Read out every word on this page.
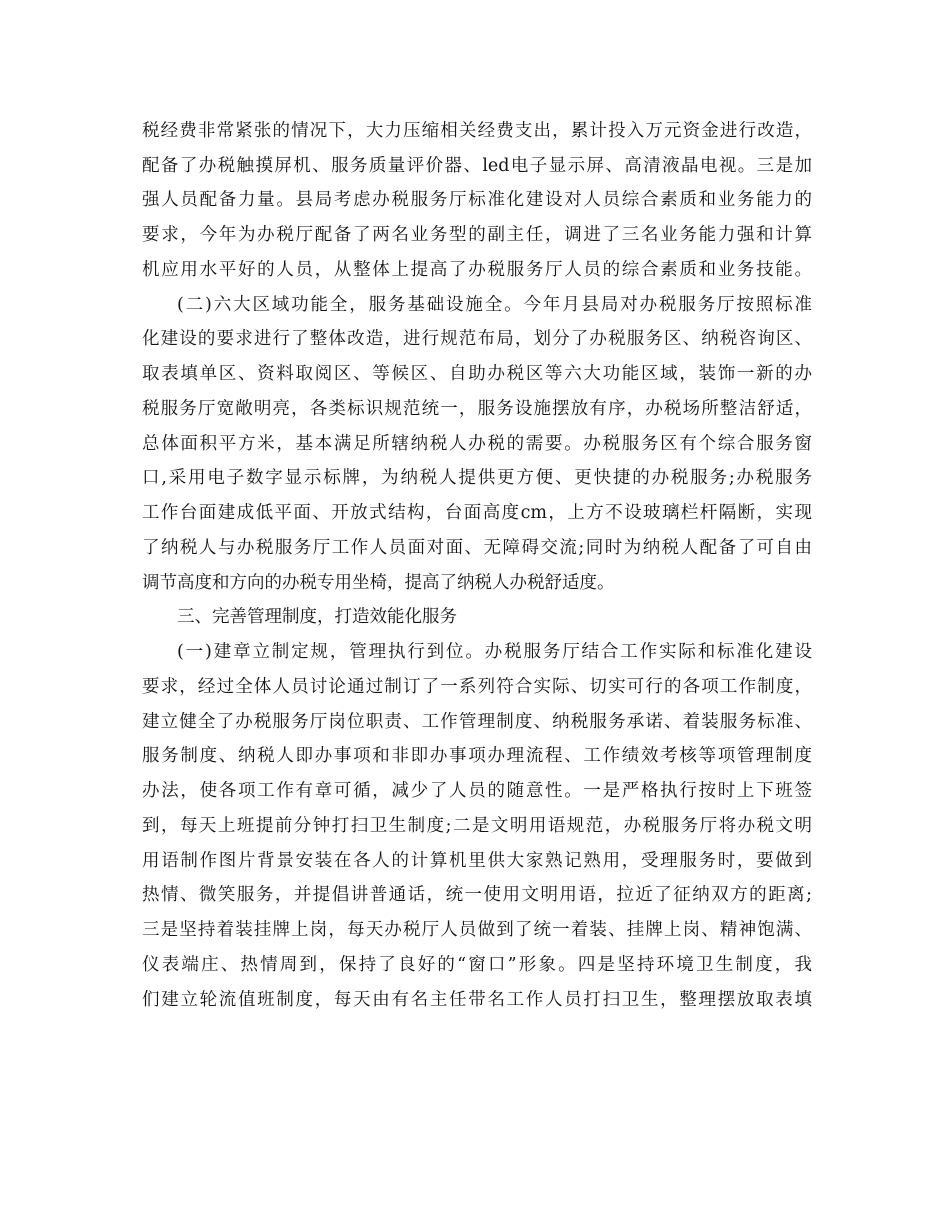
税经费非常紧张的情况下，大力压缩相关经费支出，累计投入万元资金进行改造，
配备了办税触摸屏机、服务质量评价器、led电子显示屏、高清液晶电视。三是加
强人员配备力量。县局考虑办税服务厅标准化建设对人员综合素质和业务能力的
要求，今年为办税厅配备了两名业务型的副主任，调进了三名业务能力强和计算
机应用水平好的人员，从整体上提高了办税服务厅人员的综合素质和业务技能。
(二)六大区域功能全，服务基础设施全。今年月县局对办税服务厅按照标准
化建设的要求进行了整体改造，进行规范布局，划分了办税服务区、纳税咨询区、
取表填单区、资料取阅区、等候区、自助办税区等六大功能区域，装饰一新的办
税服务厅宽敞明亮，各类标识规范统一，服务设施摆放有序，办税场所整洁舒适，
总体面积平方米，基本满足所辖纳税人办税的需要。办税服务区有个综合服务窗
口,采用电子数字显示标牌，为纳税人提供更方便、更快捷的办税服务;办税服务
工作台面建成低平面、开放式结构，台面高度cm，上方不设玻璃栏杆隔断，实现
了纳税人与办税服务厅工作人员面对面、无障碍交流;同时为纳税人配备了可自由
调节高度和方向的办税专用坐椅，提高了纳税人办税舒适度。
三、完善管理制度，打造效能化服务
(一)建章立制定规，管理执行到位。办税服务厅结合工作实际和标准化建设
要求，经过全体人员讨论通过制订了一系列符合实际、切实可行的各项工作制度，
建立健全了办税服务厅岗位职责、工作管理制度、纳税服务承诺、着装服务标准、
服务制度、纳税人即办事项和非即办事项办理流程、工作绩效考核等项管理制度
办法，使各项工作有章可循，减少了人员的随意性。一是严格执行按时上下班签
到，每天上班提前分钟打扫卫生制度;二是文明用语规范，办税服务厅将办税文明
用语制作图片背景安装在各人的计算机里供大家熟记熟用，受理服务时，要做到
热情、微笑服务，并提倡讲普通话，统一使用文明用语，拉近了征纳双方的距离;
三是坚持着装挂牌上岗，每天办税厅人员做到了统一着装、挂牌上岗、精神饱满、
仪表端庄、热情周到，保持了良好的“窗口”形象。四是坚持环境卫生制度，我
们建立轮流值班制度，每天由有名主任带名工作人员打扫卫生，整理摆放取表填
